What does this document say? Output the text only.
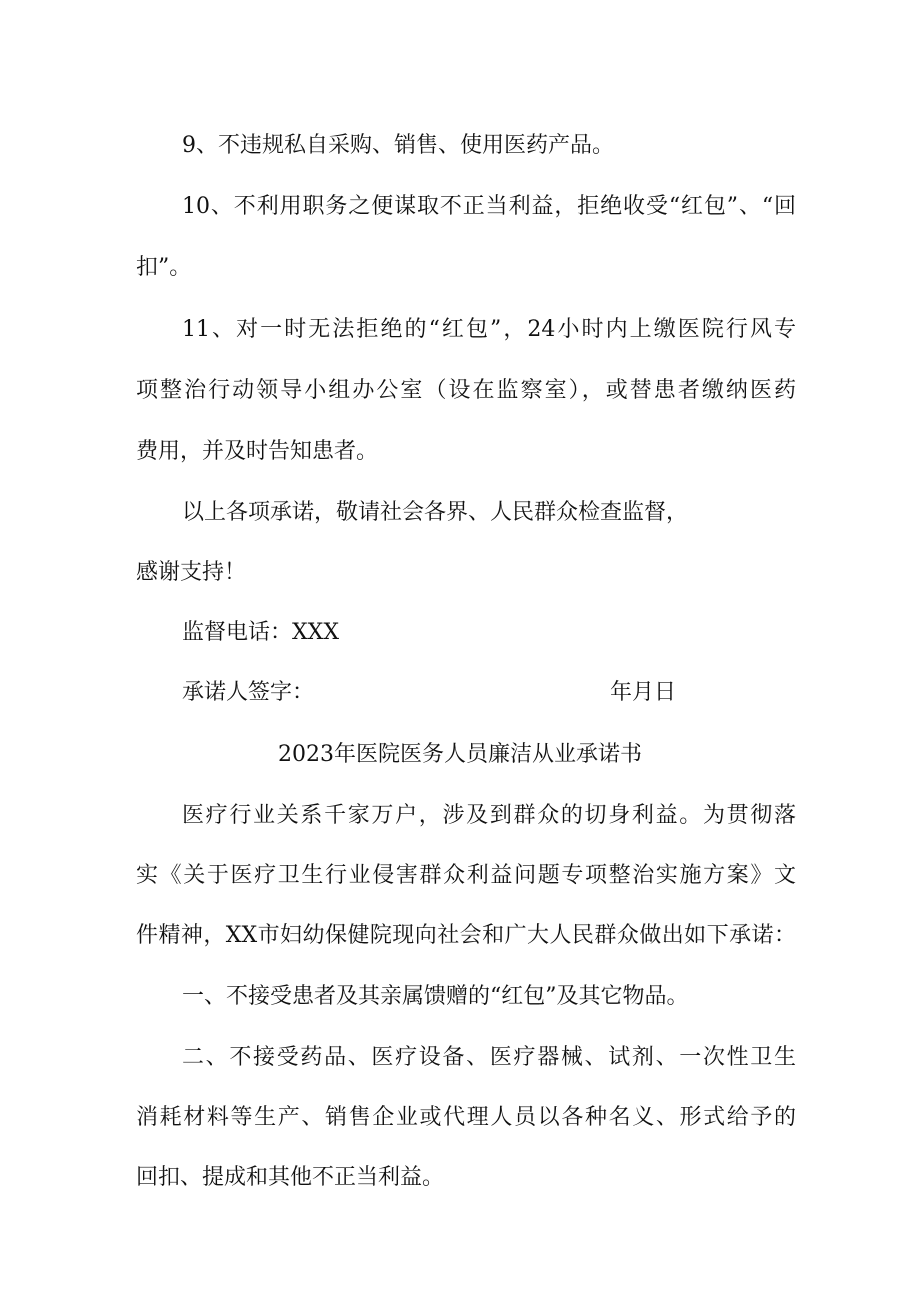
9、不违规私自采购、销售、使用医药产品。
10、不利用职务之便谋取不正当利益，拒绝收受“红包”、“回
扣”。
11、对一时无法拒绝的“红包”，24小时内上缴医院行风专
项整治行动领导小组办公室（设在监察室），或替患者缴纳医药
费用，并及时告知患者。
以上各项承诺，敬请社会各界、人民群众检查监督，
感谢支持！
监督电话：XXX
承诺人签字：	年月日
2023年医院医务人员廉洁从业承诺书
医疗行业关系千家万户，涉及到群众的切身利益。为贯彻落
实《关于医疗卫生行业侵害群众利益问题专项整治实施方案》文
件精神，XX市妇幼保健院现向社会和广大人民群众做出如下承诺：
一、不接受患者及其亲属馈赠的“红包”及其它物品。
二、不接受药品、医疗设备、医疗器械、试剂、一次性卫生
消耗材料等生产、销售企业或代理人员以各种名义、形式给予的
回扣、提成和其他不正当利益。
